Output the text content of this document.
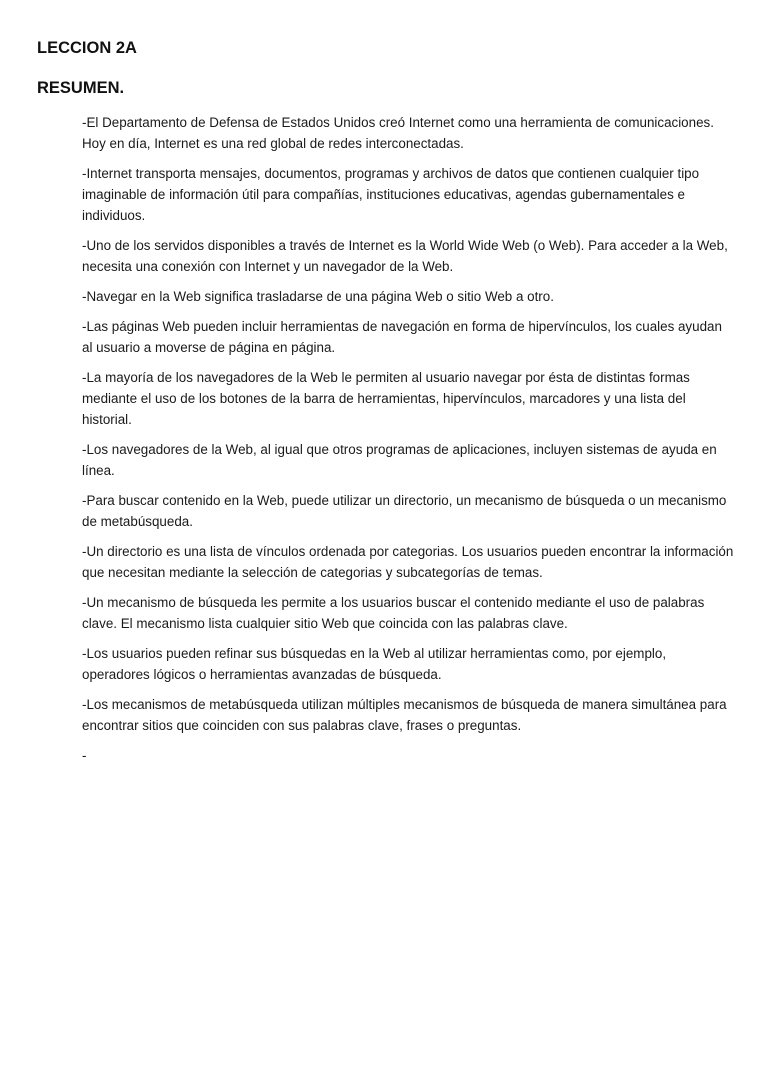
LECCION 2A
RESUMEN.

-El Departamento de Defensa de Estados Unidos creó Internet como una herramienta de comunicaciones. Hoy en día, Internet es una red global de redes interconectadas.

-Internet transporta mensajes, documentos, programas y archivos de datos que contienen cualquier tipo imaginable de información útil para compañías, instituciones educativas, agendas gubernamentales e individuos.

-Uno de los servidos disponibles a través de Internet es la World Wide Web (o Web). Para acceder a la Web, necesita una conexión con Internet y un navegador de la Web.

-Navegar en la Web significa trasladarse de una página Web o sitio Web a otro.

-Las páginas Web pueden incluir herramientas de navegación en forma de hipervínculos, los cuales ayudan al usuario a moverse de página en página.

-La mayoría de los navegadores de la Web le permiten al usuario navegar por ésta de distintas formas mediante el uso de los botones de la barra de herramientas, hipervínculos, marcadores y una lista del historial.

-Los navegadores de la Web, al igual que otros programas de aplicaciones, incluyen sistemas de ayuda en línea.

-Para buscar contenido en la Web, puede utilizar un directorio, un mecanismo de búsqueda o un mecanismo de metabúsqueda.

-Un directorio es una lista de vínculos ordenada por categorias. Los usuarios pueden encontrar la información que necesitan mediante la selección de categorias y subcategorías de temas.

-Un mecanismo de búsqueda les permite a los usuarios buscar el contenido mediante el uso de palabras clave. El mecanismo lista cualquier sitio Web que coincida con las palabras clave.

-Los usuarios pueden refinar sus búsquedas en la Web al utilizar herramientas como, por ejemplo, operadores lógicos o herramientas avanzadas de búsqueda.

-Los mecanismos de metabúsqueda utilizan múltiples mecanismos de búsqueda de manera simultánea para encontrar sitios que coinciden con sus palabras clave, frases o preguntas.

-
